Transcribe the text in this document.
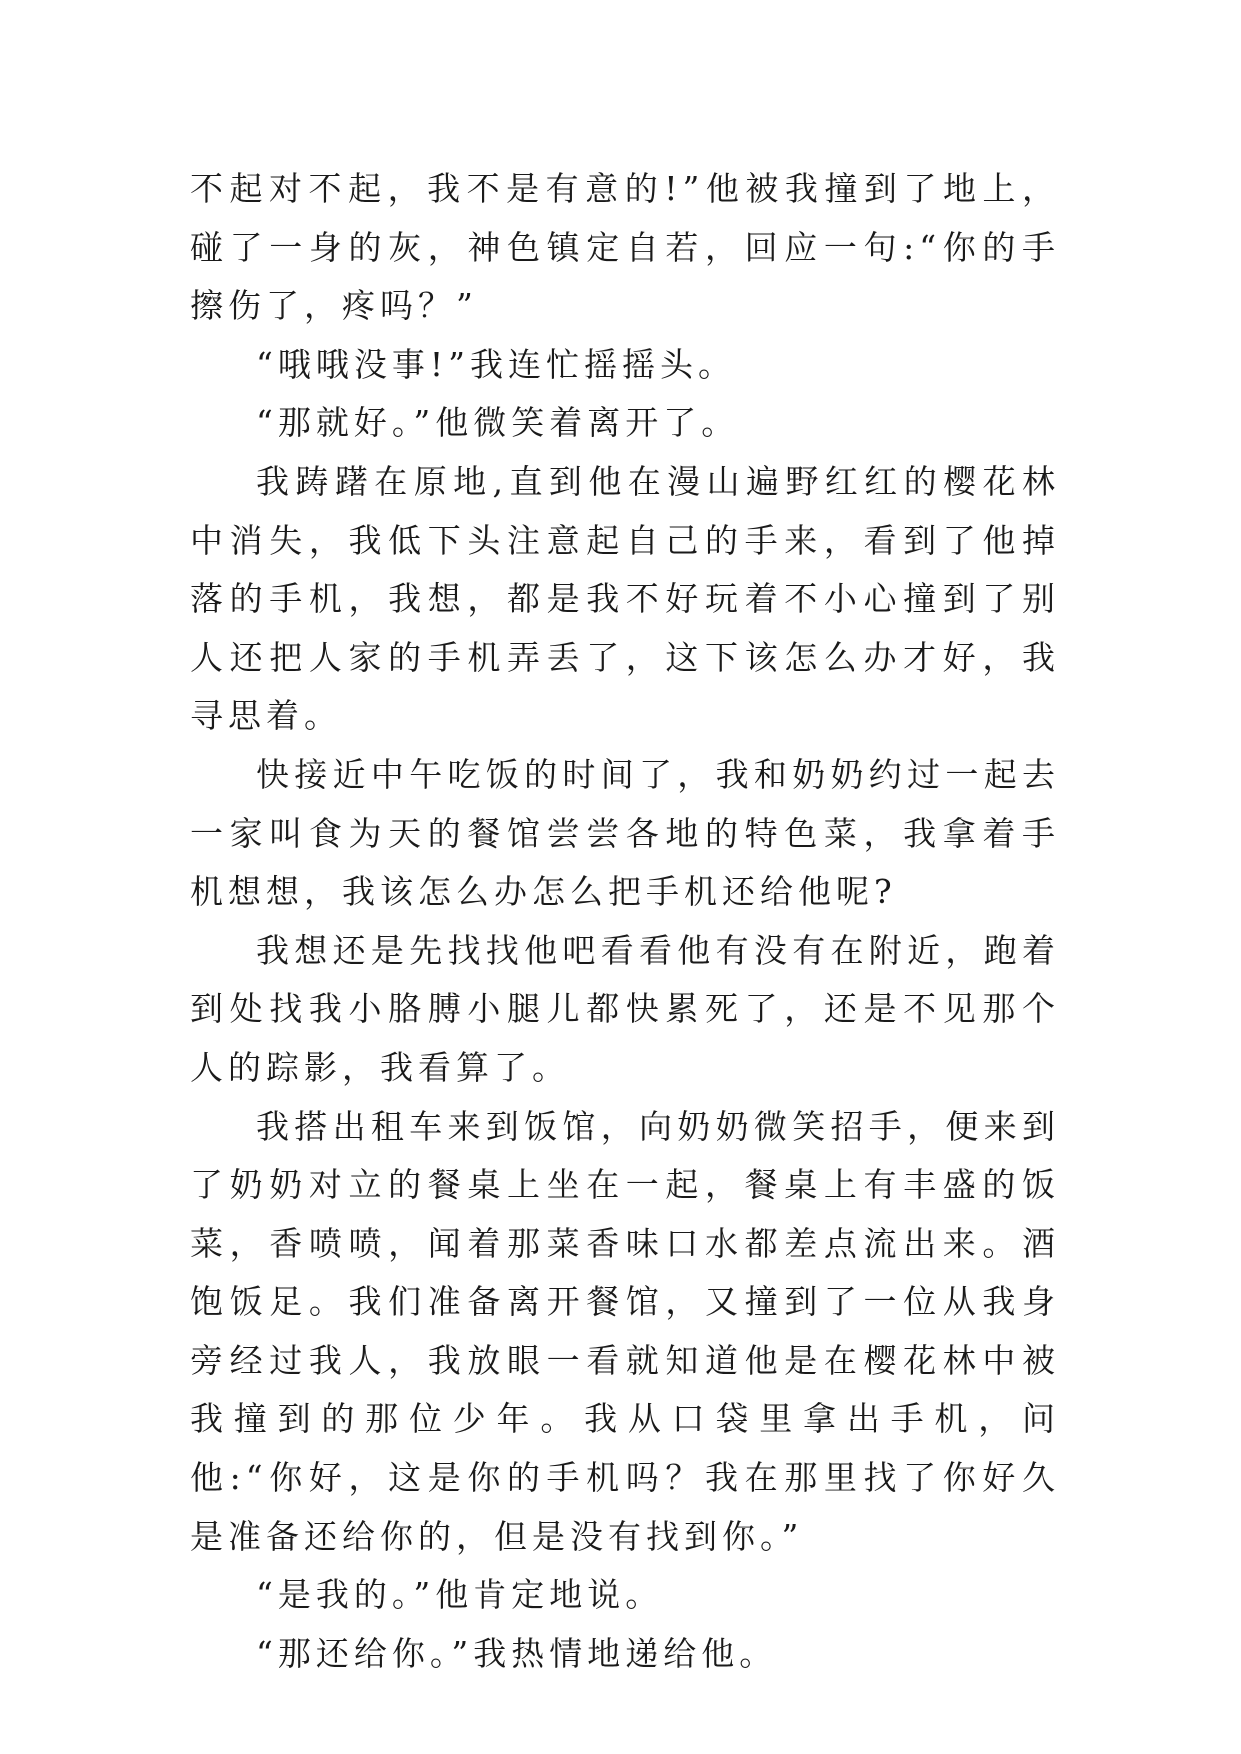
不起对不起，我不是有意的!”他被我撞到了地上，碰了一身的灰，神色镇定自若，回应一句:“你的手擦伤了，疼吗？”

“哦哦没事!”我连忙摇摇头。

“那就好。”他微笑着离开了。

我踌躇在原地,直到他在漫山遍野红红的樱花林中消失，我低下头注意起自己的手来，看到了他掉落的手机，我想，都是我不好玩着不小心撞到了别人还把人家的手机弄丢了，这下该怎么办才好，我寻思着。

快接近中午吃饭的时间了，我和奶奶约过一起去一家叫食为天的餐馆尝尝各地的特色菜，我拿着手机想想，我该怎么办怎么把手机还给他呢?

我想还是先找找他吧看看他有没有在附近，跑着到处找我小胳膊小腿儿都快累死了，还是不见那个人的踪影，我看算了。

我搭出租车来到饭馆，向奶奶微笑招手，便来到了奶奶对立的餐桌上坐在一起，餐桌上有丰盛的饭菜，香喷喷，闻着那菜香味口水都差点流出来。酒饱饭足。我们准备离开餐馆，又撞到了一位从我身旁经过我人，我放眼一看就知道他是在樱花林中被我撞到的那位少年。我从口袋里拿出手机，问他:“你好，这是你的手机吗？我在那里找了你好久是准备还给你的，但是没有找到你。”

“是我的。”他肯定地说。

“那还给你。”我热情地递给他。
